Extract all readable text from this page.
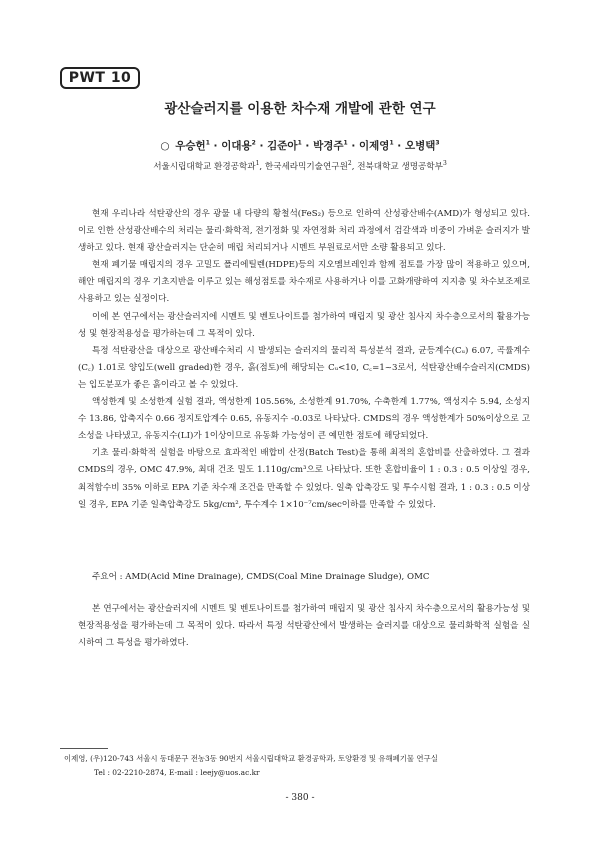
PWT 10
광산슬러지를 이용한 차수재 개발에 관한 연구
○ 우승헌$^1$ · 이대용$^2$ · 김준아$^1$ · 박경주$^1$ · 이제영$^1$ · 오병택$^3$
서울시립대학교 환경공학과$^1$, 한국세라믹기술연구원$^2$, 전북대학교 생명공학부$^3$

현재 우리나라 석탄광산의 경우 광물 내 다량의 황철석(FeS₂) 등으로 인하여 산성광산배수(AMD)가 형성되고 있다. 이로 인한 산성광산배수의 처리는 물리·화학적, 전기정화 및 자연정화 처리 과정에서 검갈색과 비중이 가벼운 슬러지가 발생하고 있다. 현재 광산슬러지는 단순히 매립 처리되거나 시멘트 부원료로서만 소량 활용되고 있다.

현재 폐기물 매립지의 경우 고밀도 폴리에틸렌(HDPE)등의 지오멤브레인과 함께 점토를 가장 많이 적용하고 있으며, 해안 매립지의 경우 기초지반을 이루고 있는 해성점토를 차수재로 사용하거나 이를 고화개량하여 지지층 및 차수보조제로 사용하고 있는 실정이다.

이에 본 연구에서는 광산슬러지에 시멘트 및 벤토나이트를 첨가하여 매립지 및 광산 침사지 차수층으로서의 활용가능성 및 현장적용성을 평가하는데 그 목적이 있다.

특정 석탄광산을 대상으로 광산배수처리 시 발생되는 슬러지의 물리적 특성분석 결과, 균등계수(Cᵤ) 6.07, 곡률계수(C꜀) 1.01로 양입도(well graded)한 경우, 흙(점토)에 해당되는 Cᵤ<10, C꜀=1~3로서, 석탄광산배수슬러지(CMDS)는 입도분포가 좋은 흙이라고 볼 수 있었다.

액성한계 및 소성한계 실험 결과, 액성한계 105.56%, 소성한계 91.70%, 수축한계 1.77%, 액성지수 5.94, 소성지수 13.86, 압축지수 0.66 정지토압계수 0.65, 유동지수 -0.03로 나타났다. CMDS의 경우 액성한계가 50%이상으로 고소성을 나타냈고, 유동지수(LI)가 1이상이므로 유동화 가능성이 큰 예민한 점토에 해당되었다.

기초 물리·화학적 실험을 바탕으로 효과적인 배합비 산정(Batch Test)을 통해 최적의 혼합비를 산출하였다. 그 결과 CMDS의 경우, OMC 47.9%, 최대 건조 밀도 1.110g/cm³으로 나타났다. 또한 혼합비율이 1 : 0.3 : 0.5 이상일 경우, 최적함수비 35% 이하로 EPA 기준 차수재 조건을 만족할 수 있었다. 일축 압축강도 및 투수시험 결과, 1 : 0.3 : 0.5 이상일 경우, EPA 기준 일축압축강도 5kg/cm², 투수계수 1×10⁻⁷cm/sec이하를 만족할 수 있었다.

주요어 : AMD(Acid Mine Drainage), CMDS(Coal Mine Drainage Sludge), OMC

본 연구에서는 광산슬러지에 시멘트 및 벤토나이트를 첨가하여 매립지 및 광산 침사지 차수층으로서의 활용가능성 및 현장적용성을 평가하는데 그 목적이 있다. 따라서 특정 석탄광산에서 발생하는 슬러지를 대상으로 물리화학적 실험을 실시하여 그 특성을 평가하였다.

이제영, (우)120-743 서울시 동대문구 전농3동 90번지 서울시립대학교 환경공학과, 토양환경 및 유해폐기물 연구실
Tel : 02-2210-2874, E-mail : leejy@uos.ac.kr
- 380 -
